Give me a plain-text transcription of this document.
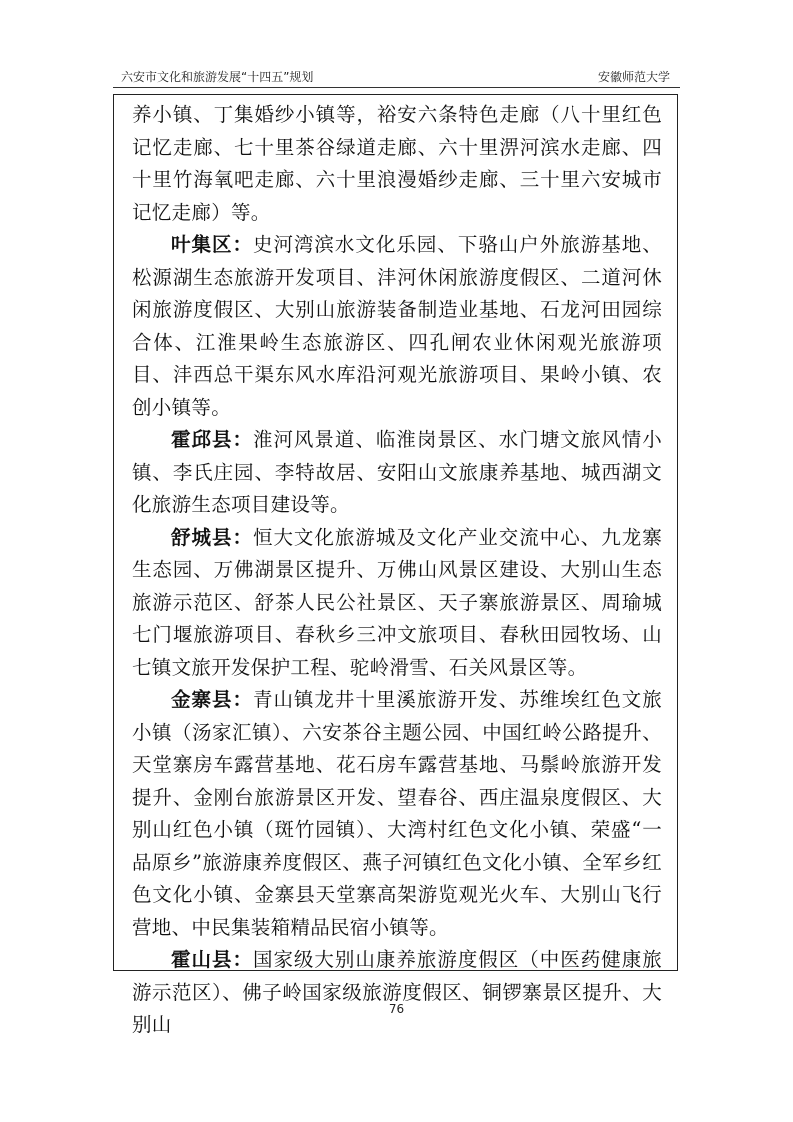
六安市文化和旅游发展“十四五”规划	安徽师范大学

养小镇、丁集婚纱小镇等，裕安六条特色走廊（八十里红色记忆走廊、七十里茶谷绿道走廊、六十里淠河滨水走廊、四十里竹海氧吧走廊、六十里浪漫婚纱走廊、三十里六安城市记忆走廊）等。

叶集区：史河湾滨水文化乐园、下骆山户外旅游基地、松源湖生态旅游开发项目、沣河休闲旅游度假区、二道河休闲旅游度假区、大别山旅游装备制造业基地、石龙河田园综合体、江淮果岭生态旅游区、四孔闸农业休闲观光旅游项目、沣西总干渠东风水库沿河观光旅游项目、果岭小镇、农创小镇等。

霍邱县：淮河风景道、临淮岗景区、水门塘文旅风情小镇、李氏庄园、李特故居、安阳山文旅康养基地、城西湖文化旅游生态项目建设等。

舒城县：恒大文化旅游城及文化产业交流中心、九龙寨生态园、万佛湖景区提升、万佛山风景区建设、大别山生态旅游示范区、舒茶人民公社景区、天子寨旅游景区、周瑜城七门堰旅游项目、春秋乡三冲文旅项目、春秋田园牧场、山七镇文旅开发保护工程、驼岭滑雪、石关风景区等。

金寨县：青山镇龙井十里溪旅游开发、苏维埃红色文旅小镇（汤家汇镇）、六安茶谷主题公园、中国红岭公路提升、天堂寨房车露营基地、花石房车露营基地、马鬃岭旅游开发提升、金刚台旅游景区开发、望春谷、西庄温泉度假区、大别山红色小镇（斑竹园镇）、大湾村红色文化小镇、荣盛“一品原乡”旅游康养度假区、燕子河镇红色文化小镇、全军乡红色文化小镇、金寨县天堂寨高架游览观光火车、大别山飞行营地、中民集装箱精品民宿小镇等。

霍山县：国家级大别山康养旅游度假区（中医药健康旅游示范区）、佛子岭国家级旅游度假区、铜锣寨景区提升、大别山

76
